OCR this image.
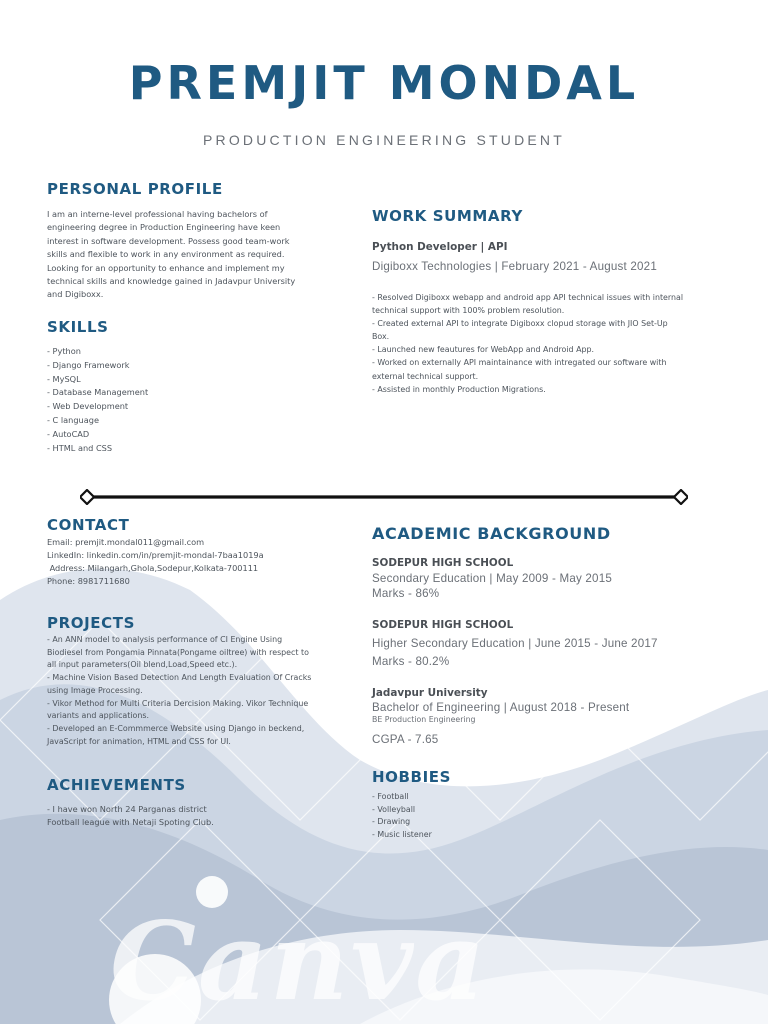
PREMJIT MONDAL
PRODUCTION ENGINEERING STUDENT
PERSONAL PROFILE
I am an interne-level professional having bachelors of
engineering degree in Production Engineering have keen
interest in software development. Possess good team-work
skills and flexible to work in any environment as required.
Looking for an opportunity to enhance and implement my
technical skills and knowledge gained in Jadavpur University
and Digiboxx.
SKILLS
- Python
- Django Framework
- MySQL
- Database Management
- Web Development
- C language
- AutoCAD
- HTML and CSS
WORK SUMMARY
Python Developer | API
Digiboxx Technologies | February 2021 - August 2021
- Resolved Digiboxx webapp and android app API technical issues with internal
technical support with 100% problem resolution.
- Created external API to integrate Digiboxx clopud storage with JIO Set-Up
Box.
- Launched new feautures for WebApp and Android App.
- Worked on externally API maintainance with intregated our software with
external technical support.
- Assisted in monthly Production Migrations.
CONTACT
Email: premjit.mondal011@gmail.com
LinkedIn: linkedin.com/in/premjit-mondal-7baa1019a
Address: Milangarh,Ghola,Sodepur,Kolkata-700111
Phone: 8981711680
PROJECTS
- An ANN model to analysis performance of CI Engine Using
Biodiesel from Pongamia Pinnata(Pongame oiltree) with respect to
all input parameters(Oil blend,Load,Speed etc.).
- Machine Vision Based Detection And Length Evaluation Of Cracks
using Image Processing.
- Vikor Method for Multi Criteria Dercision Making. Vikor Technique
variants and applications.
- Developed an E-Commmerce Website using Django in beckend,
JavaScript for animation, HTML and CSS for UI.
ACHIEVEMENTS
- I have won North 24 Parganas district
Football league with Netaji Spoting Club.
ACADEMIC BACKGROUND
SODEPUR HIGH SCHOOL
Secondary Education | May 2009 - May 2015
Marks - 86%
SODEPUR HIGH SCHOOL
Higher Secondary Education | June 2015 - June 2017
Marks - 80.2%
Jadavpur University
Bachelor of Engineering | August 2018 - Present
BE Production Engineering
CGPA - 7.65
HOBBIES
- Football
- Volleyball
- Drawing
- Music listener
Canva
